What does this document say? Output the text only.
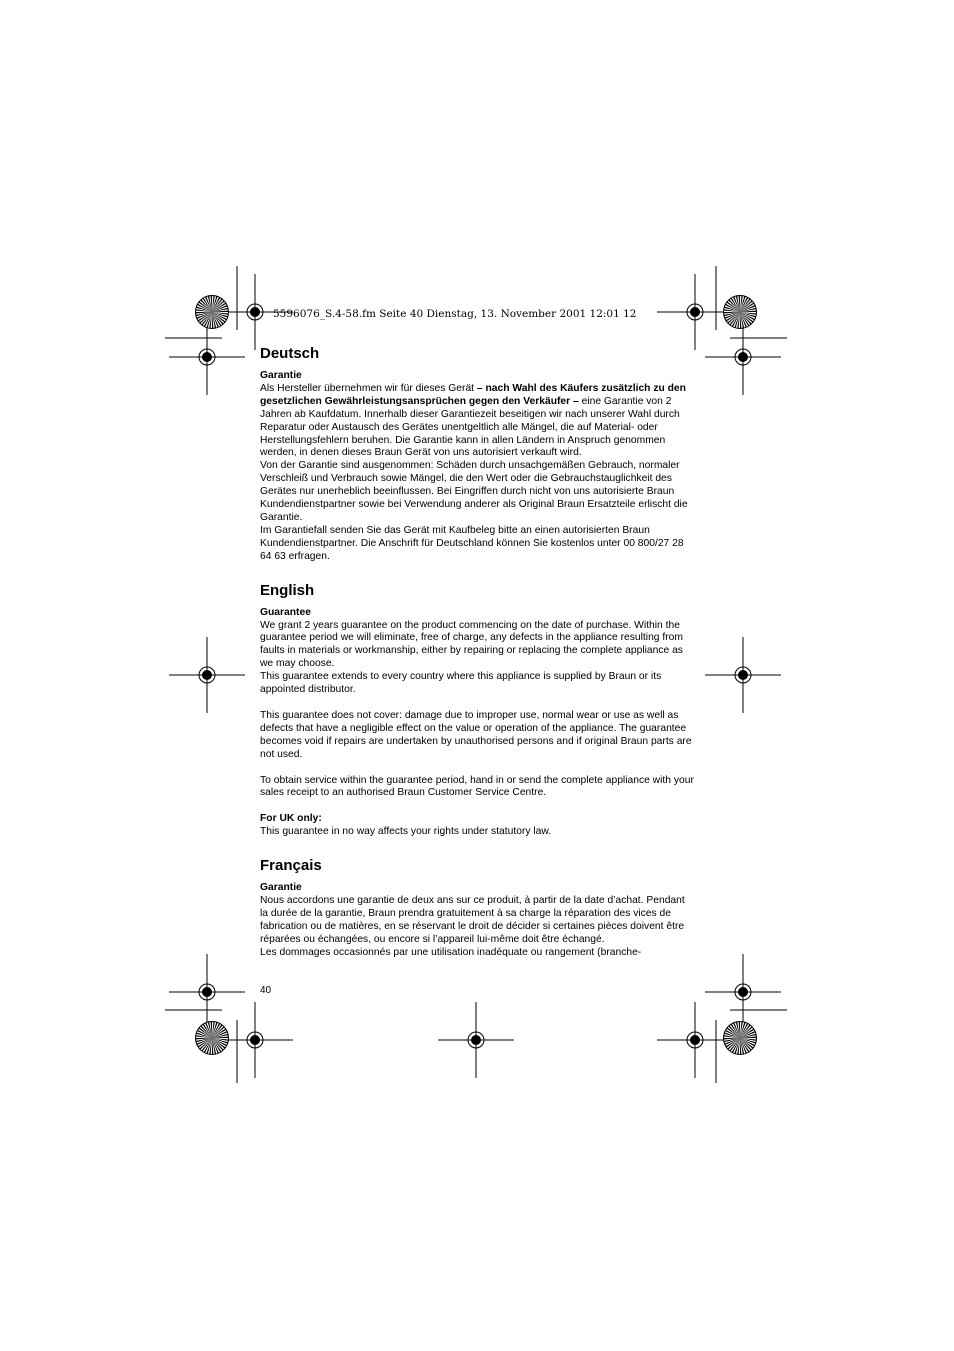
5596076_S.4-58.fm Seite 40 Dienstag, 13. November 2001 12:01 12
Deutsch

Garantie

Als Hersteller übernehmen wir für dieses Gerät – nach Wahl des Käufers zusätzlich zu den gesetzlichen Gewährleistungsansprüchen gegen den Verkäufer – eine Garantie von 2 Jahren ab Kaufdatum. Innerhalb dieser Garantiezeit beseitigen wir nach unserer Wahl durch Reparatur oder Austausch des Gerätes unentgeltlich alle Mängel, die auf Material- oder Herstellungsfehlern beruhen. Die Garantie kann in allen Ländern in Anspruch genommen werden, in denen dieses Braun Gerät von uns autorisiert verkauft wird.

Von der Garantie sind ausgenommen: Schäden durch unsachgemäßen Gebrauch, normaler Verschleiß und Verbrauch sowie Mängel, die den Wert oder die Gebrauchstauglichkeit des Gerätes nur unerheblich beeinflussen. Bei Eingriffen durch nicht von uns autorisierte Braun Kundendienstpartner sowie bei Verwendung anderer als Original Braun Ersatzteile erlischt die Garantie.

Im Garantiefall senden Sie das Gerät mit Kaufbeleg bitte an einen autorisierten Braun Kundendienstpartner. Die Anschrift für Deutschland können Sie kostenlos unter 00 800/27 28 64 63 erfragen.

English

Guarantee

We grant 2 years guarantee on the product commencing on the date of purchase. Within the guarantee period we will eliminate, free of charge, any defects in the appliance resulting from faults in materials or workmanship, either by repairing or replacing the complete appliance as we may choose.

This guarantee extends to every country where this appliance is supplied by Braun or its appointed distributor.

This guarantee does not cover: damage due to improper use, normal wear or use as well as defects that have a negligible effect on the value or operation of the appliance. The guarantee becomes void if repairs are undertaken by unauthorised persons and if original Braun parts are not used.

To obtain service within the guarantee period, hand in or send the complete appliance with your sales receipt to an authorised Braun Customer Service Centre.

For UK only:

This guarantee in no way affects your rights under statutory law.

Français

Garantie

Nous accordons une garantie de deux ans sur ce produit, à partir de la date d’achat. Pendant la durée de la garantie, Braun prendra gratuitement à sa charge la réparation des vices de fabrication ou de matières, en se réservant le droit de décider si certaines pièces doivent être réparées ou échangées, ou encore si l’appareil lui-même doit être échangé.

Les dommages occasionnés par une utilisation inadéquate ou rangement (branche-

40
